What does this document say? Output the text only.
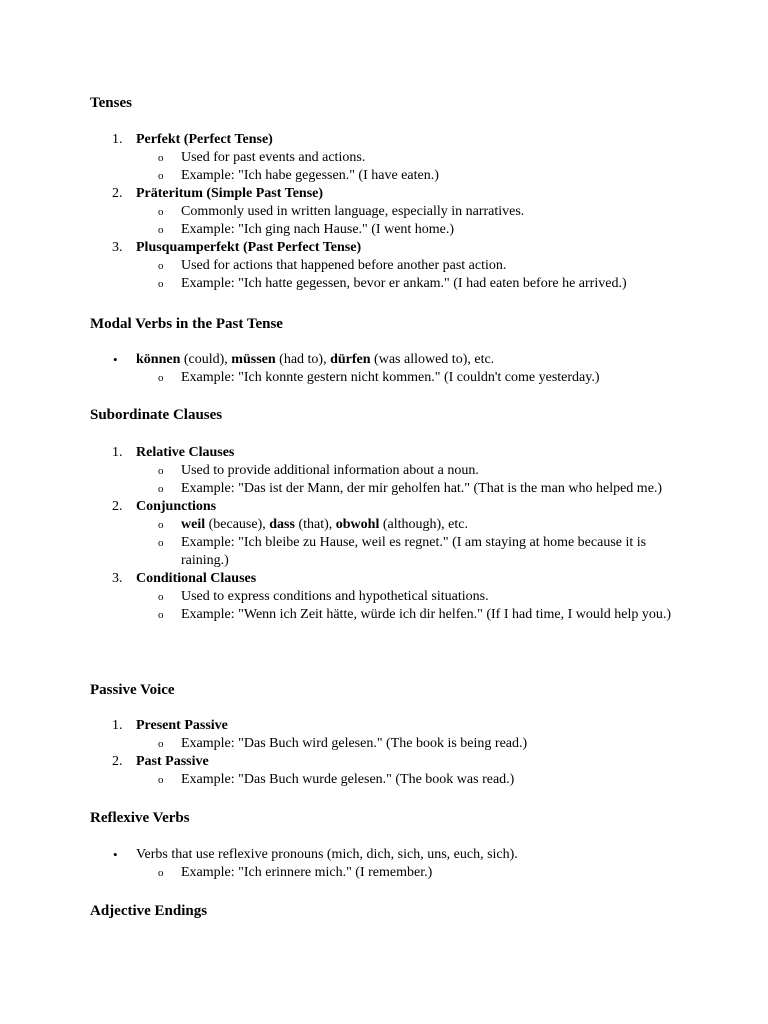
Tenses
1. Perfekt (Perfect Tense)
o Used for past events and actions.
o Example: "Ich habe gegessen." (I have eaten.)
2. Präteritum (Simple Past Tense)
o Commonly used in written language, especially in narratives.
o Example: "Ich ging nach Hause." (I went home.)
3. Plusquamperfekt (Past Perfect Tense)
o Used for actions that happened before another past action.
o Example: "Ich hatte gegessen, bevor er ankam." (I had eaten before he arrived.)
Modal Verbs in the Past Tense
• können (could), müssen (had to), dürfen (was allowed to), etc.
o Example: "Ich konnte gestern nicht kommen." (I couldn't come yesterday.)
Subordinate Clauses
1. Relative Clauses
o Used to provide additional information about a noun.
o Example: "Das ist der Mann, der mir geholfen hat." (That is the man who helped me.)
2. Conjunctions
o weil (because), dass (that), obwohl (although), etc.
o Example: "Ich bleibe zu Hause, weil es regnet." (I am staying at home because it is raining.)
3. Conditional Clauses
o Used to express conditions and hypothetical situations.
o Example: "Wenn ich Zeit hätte, würde ich dir helfen." (If I had time, I would help you.)
Passive Voice
1. Present Passive
o Example: "Das Buch wird gelesen." (The book is being read.)
2. Past Passive
o Example: "Das Buch wurde gelesen." (The book was read.)
Reflexive Verbs
• Verbs that use reflexive pronouns (mich, dich, sich, uns, euch, sich).
o Example: "Ich erinnere mich." (I remember.)
Adjective Endings
